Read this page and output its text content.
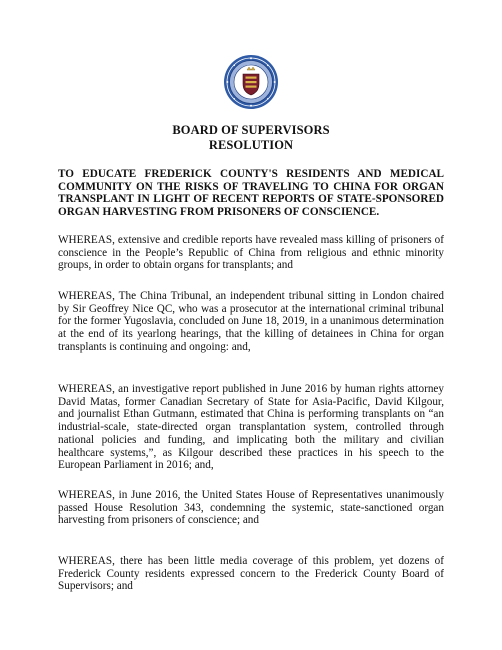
BOARD OF SUPERVISORS
RESOLUTION
TO EDUCATE FREDERICK COUNTY'S RESIDENTS AND MEDICAL COMMUNITY ON THE RISKS OF TRAVELING TO CHINA FOR ORGAN TRANSPLANT IN LIGHT OF RECENT REPORTS OF STATE-SPONSORED ORGAN HARVESTING FROM PRISONERS OF CONSCIENCE.
WHEREAS, extensive and credible reports have revealed mass killing of prisoners of conscience in the People’s Republic of China from religious and ethnic minority groups, in order to obtain organs for transplants; and
WHEREAS, The China Tribunal, an independent tribunal sitting in London chaired by Sir Geoffrey Nice QC, who was a prosecutor at the international criminal tribunal for the former Yugoslavia, concluded on June 18, 2019, in a unanimous determination at the end of its yearlong hearings, that the killing of detainees in China for organ transplants is continuing and ongoing: and,
WHEREAS, an investigative report published in June 2016 by human rights attorney David Matas, former Canadian Secretary of State for Asia-Pacific, David Kilgour, and journalist Ethan Gutmann, estimated that China is performing transplants on “an industrial-scale, state-directed organ transplantation system, controlled through national policies and funding, and implicating both the military and civilian healthcare systems,”, as Kilgour described these practices in his speech to the European Parliament in 2016; and,
WHEREAS, in June 2016, the United States House of Representatives unanimously passed House Resolution 343, condemning the systemic, state-sanctioned organ harvesting from prisoners of conscience; and
WHEREAS, there has been little media coverage of this problem, yet dozens of Frederick County residents expressed concern to the Frederick County Board of Supervisors; and
